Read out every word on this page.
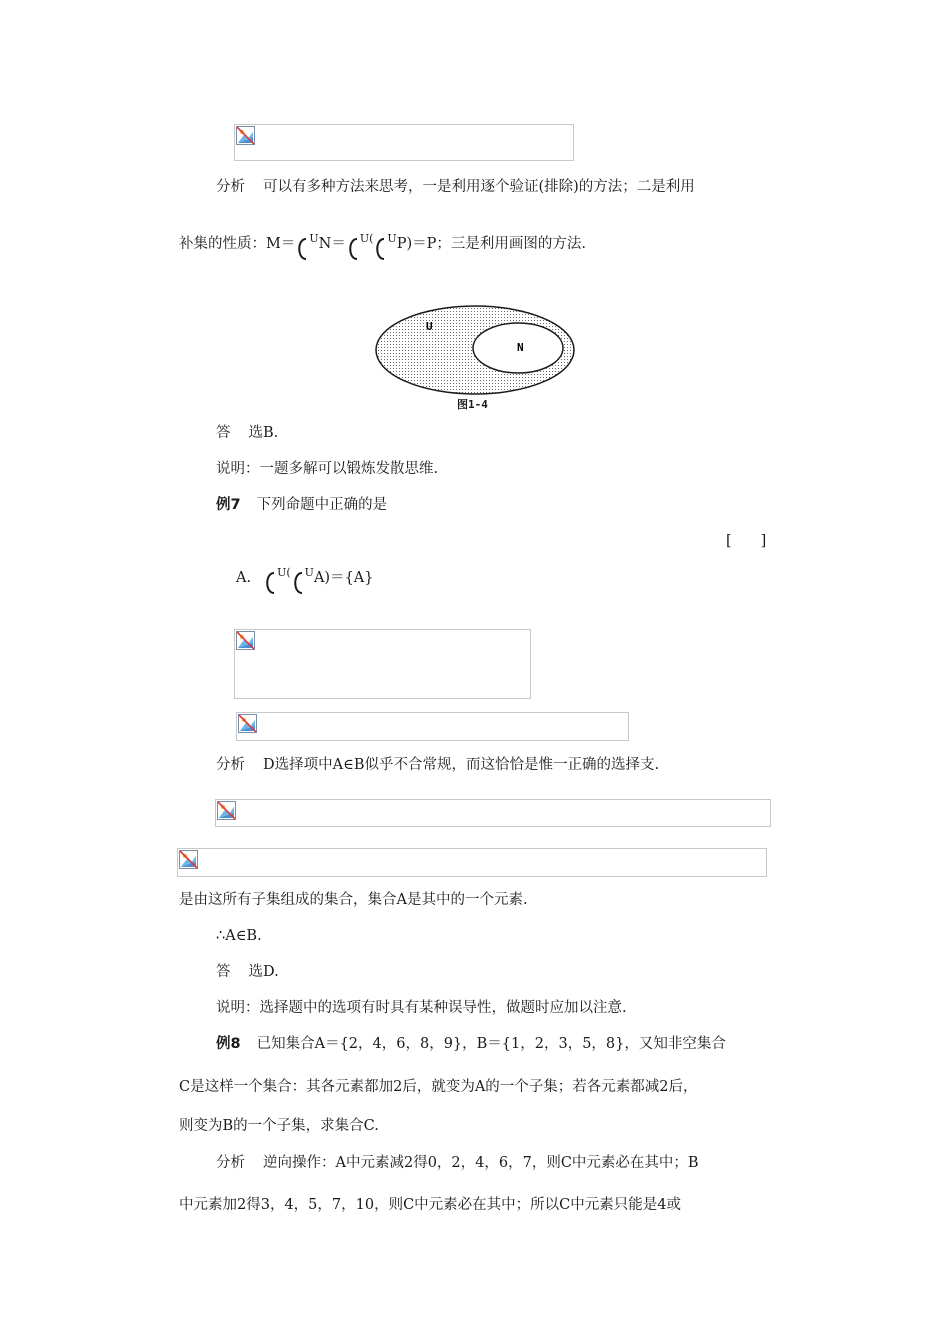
分析 可以有多种方法来思考，一是利用逐个验证(排除)的方法；二是利用
补集的性质：M＝ $^U$N＝ $^{U(}$ $^U$P)＝P；三是利用画图的方法.
U
N
图1-4
答 选B.
说明：一题多解可以锻炼发散思维.
例7 下列命题中正确的是
[　　]
A. $^{U(}$ $^U$A)＝{A}
分析 D选择项中A∈B似乎不合常规，而这恰恰是惟一正确的选择支.
是由这所有子集组成的集合，集合A是其中的一个元素.
∴A∈B.
答 选D.
说明：选择题中的选项有时具有某种误导性，做题时应加以注意.
例8 已知集合A＝{2，4，6，8，9}，B＝{1，2，3，5，8}，又知非空集合
C是这样一个集合：其各元素都加2后，就变为A的一个子集；若各元素都减2后，
则变为B的一个子集，求集合C.
分析 逆向操作：A中元素减2得0，2，4，6，7，则C中元素必在其中；B
中元素加2得3，4，5，7，10，则C中元素必在其中；所以C中元素只能是4或
